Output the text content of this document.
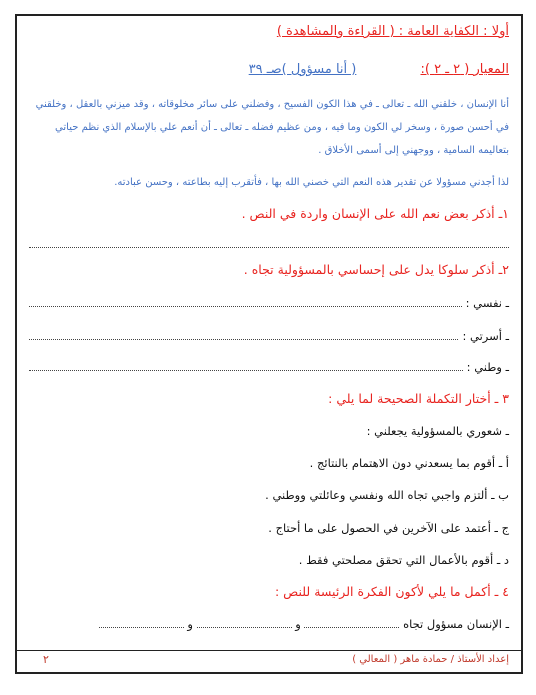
أولا : الكفاية العامة : ( القراءة والمشاهدة )
المعيار ( ٢ ـ ٢ ): ( أنا مسؤول )صـ ٣٩
أنا الإنسان ، خلقني الله ـ تعالى ـ في هذا الكون الفسيح ، وفضلني على سائر مخلوقاته ، وقد ميزني بالعقل ، وخلقني في أحسن صورة ، وسخر لي الكون وما فيه ، ومن عظيم فضله ـ تعالى ـ أن أنعم علي بالإسلام الذي نظم حياتي بتعاليمه السامية ، ووجهني إلى أسمى الأخلاق .
لذا أجدني مسؤولا عن تقدير هذه النعم التي خصني الله بها ، فأتقرب إليه بطاعته ، وحسن عبادته.
١ـ أذكر بعض نعم الله على الإنسان واردة في النص .
٢ـ أذكر سلوكا يدل على إحساسي بالمسؤولية تجاه .
ـ نفسي :
ـ أسرتي :
ـ وطني :
٣ ـ أختار التكملة الصحيحة لما يلي :
ـ شعوري بالمسؤولية يجعلني :
أ ـ أقوم بما يسعدني دون الاهتمام بالنتائج .
ب ـ ألتزم واجبي تجاه الله ونفسي وعائلتي ووطني .
ج ـ أعتمد على الآخرين في الحصول على ما أحتاج .
د ـ أقوم بالأعمال التي تحقق مصلحتي فقط .
٤ ـ أكمل ما يلي لأكون الفكرة الرئيسة للنص :
ـ الإنسان مسؤول تجاه  و  و
إعداد الأستاذ / حمادة ماهر ( المعالي )
٢
